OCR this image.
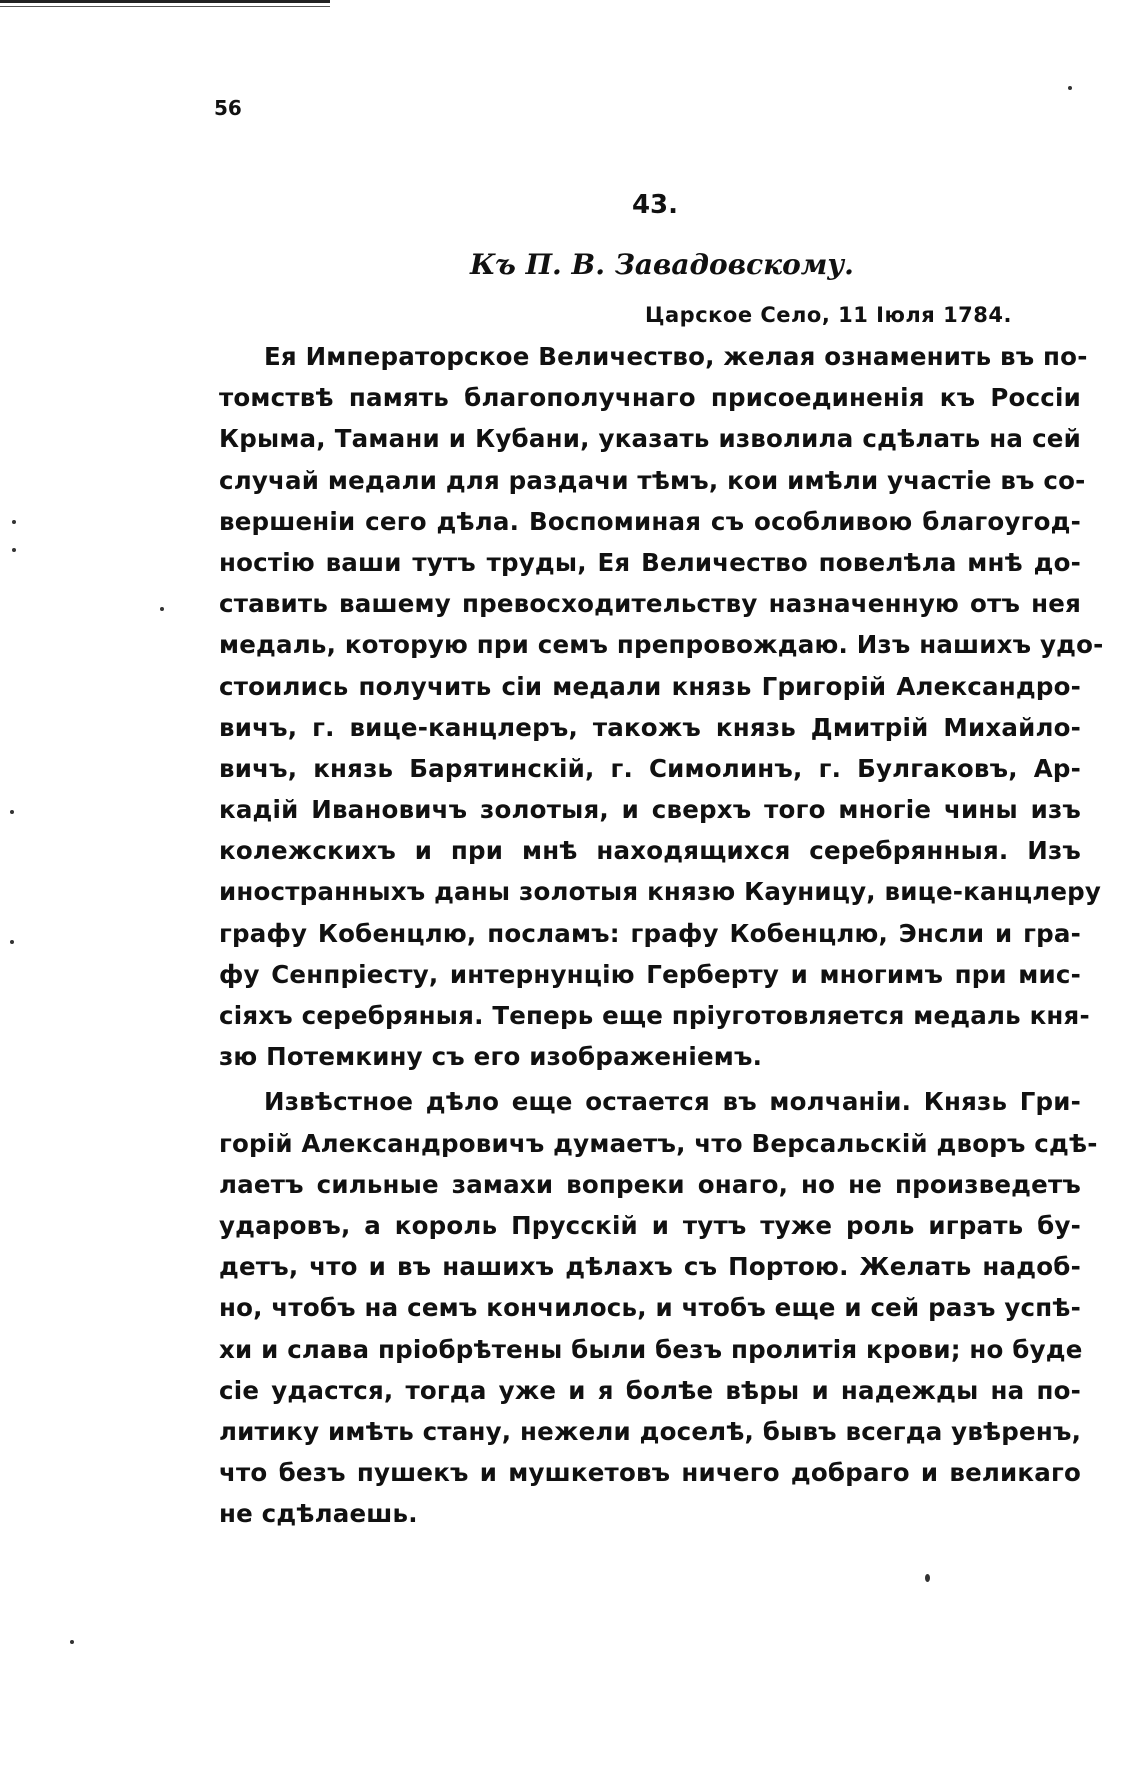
56
43.
Къ П. В. Завадовскому.
Царское Село, 11 Іюля 1784.
Ея Императорское Величество, желая ознаменить въ по-
томствѣ память благополучнаго присоединенія къ Россіи
Крыма, Тамани и Кубани, указать изволила сдѣлать на сей
случай медали для раздачи тѣмъ, кои имѣли участіе въ со-
вершеніи сего дѣла. Воспоминая съ особливою благоугод-
ностію ваши тутъ труды, Ея Величество повелѣла мнѣ до-
ставить вашему превосходительству назначенную отъ нея
медаль, которую при семъ препровождаю. Изъ нашихъ удо-
стоились получить сіи медали князь Григорій Александро-
вичъ, г. вице-канцлеръ, такожъ князь Дмитрій Михайло-
вичъ, князь Барятинскій, г. Симолинъ, г. Булгаковъ, Ар-
кадій Ивановичъ золотыя, и сверхъ того многіе чины изъ
колежскихъ и при мнѣ находящихся серебрянныя. Изъ
иностранныхъ даны золотыя князю Кауницу, вице-канцлеру
графу Кобенцлю, посламъ: графу Кобенцлю, Энсли и гра-
фу Сенпріесту, интернунцію Герберту и многимъ при мис-
сіяхъ серебряныя. Теперь еще пріуготовляется медаль кня-
зю Потемкину съ его изображеніемъ.
Извѣстное дѣло еще остается въ молчаніи. Князь Гри-
горій Александровичъ думаетъ, что Версальскій дворъ сдѣ-
лаетъ сильные замахи вопреки онаго, но не произведетъ
ударовъ, а король Прусскій и тутъ туже роль играть бу-
детъ, что и въ нашихъ дѣлахъ съ Портою. Желать надоб-
но, чтобъ на семъ кончилось, и чтобъ еще и сей разъ успѣ-
хи и слава пріобрѣтены были безъ пролитія крови; но буде
сіе удастся, тогда уже и я болѣе вѣры и надежды на по-
литику имѣть стану, нежели доселѣ, бывъ всегда увѣренъ,
что безъ пушекъ и мушкетовъ ничего добраго и великаго
не сдѣлаешь.
